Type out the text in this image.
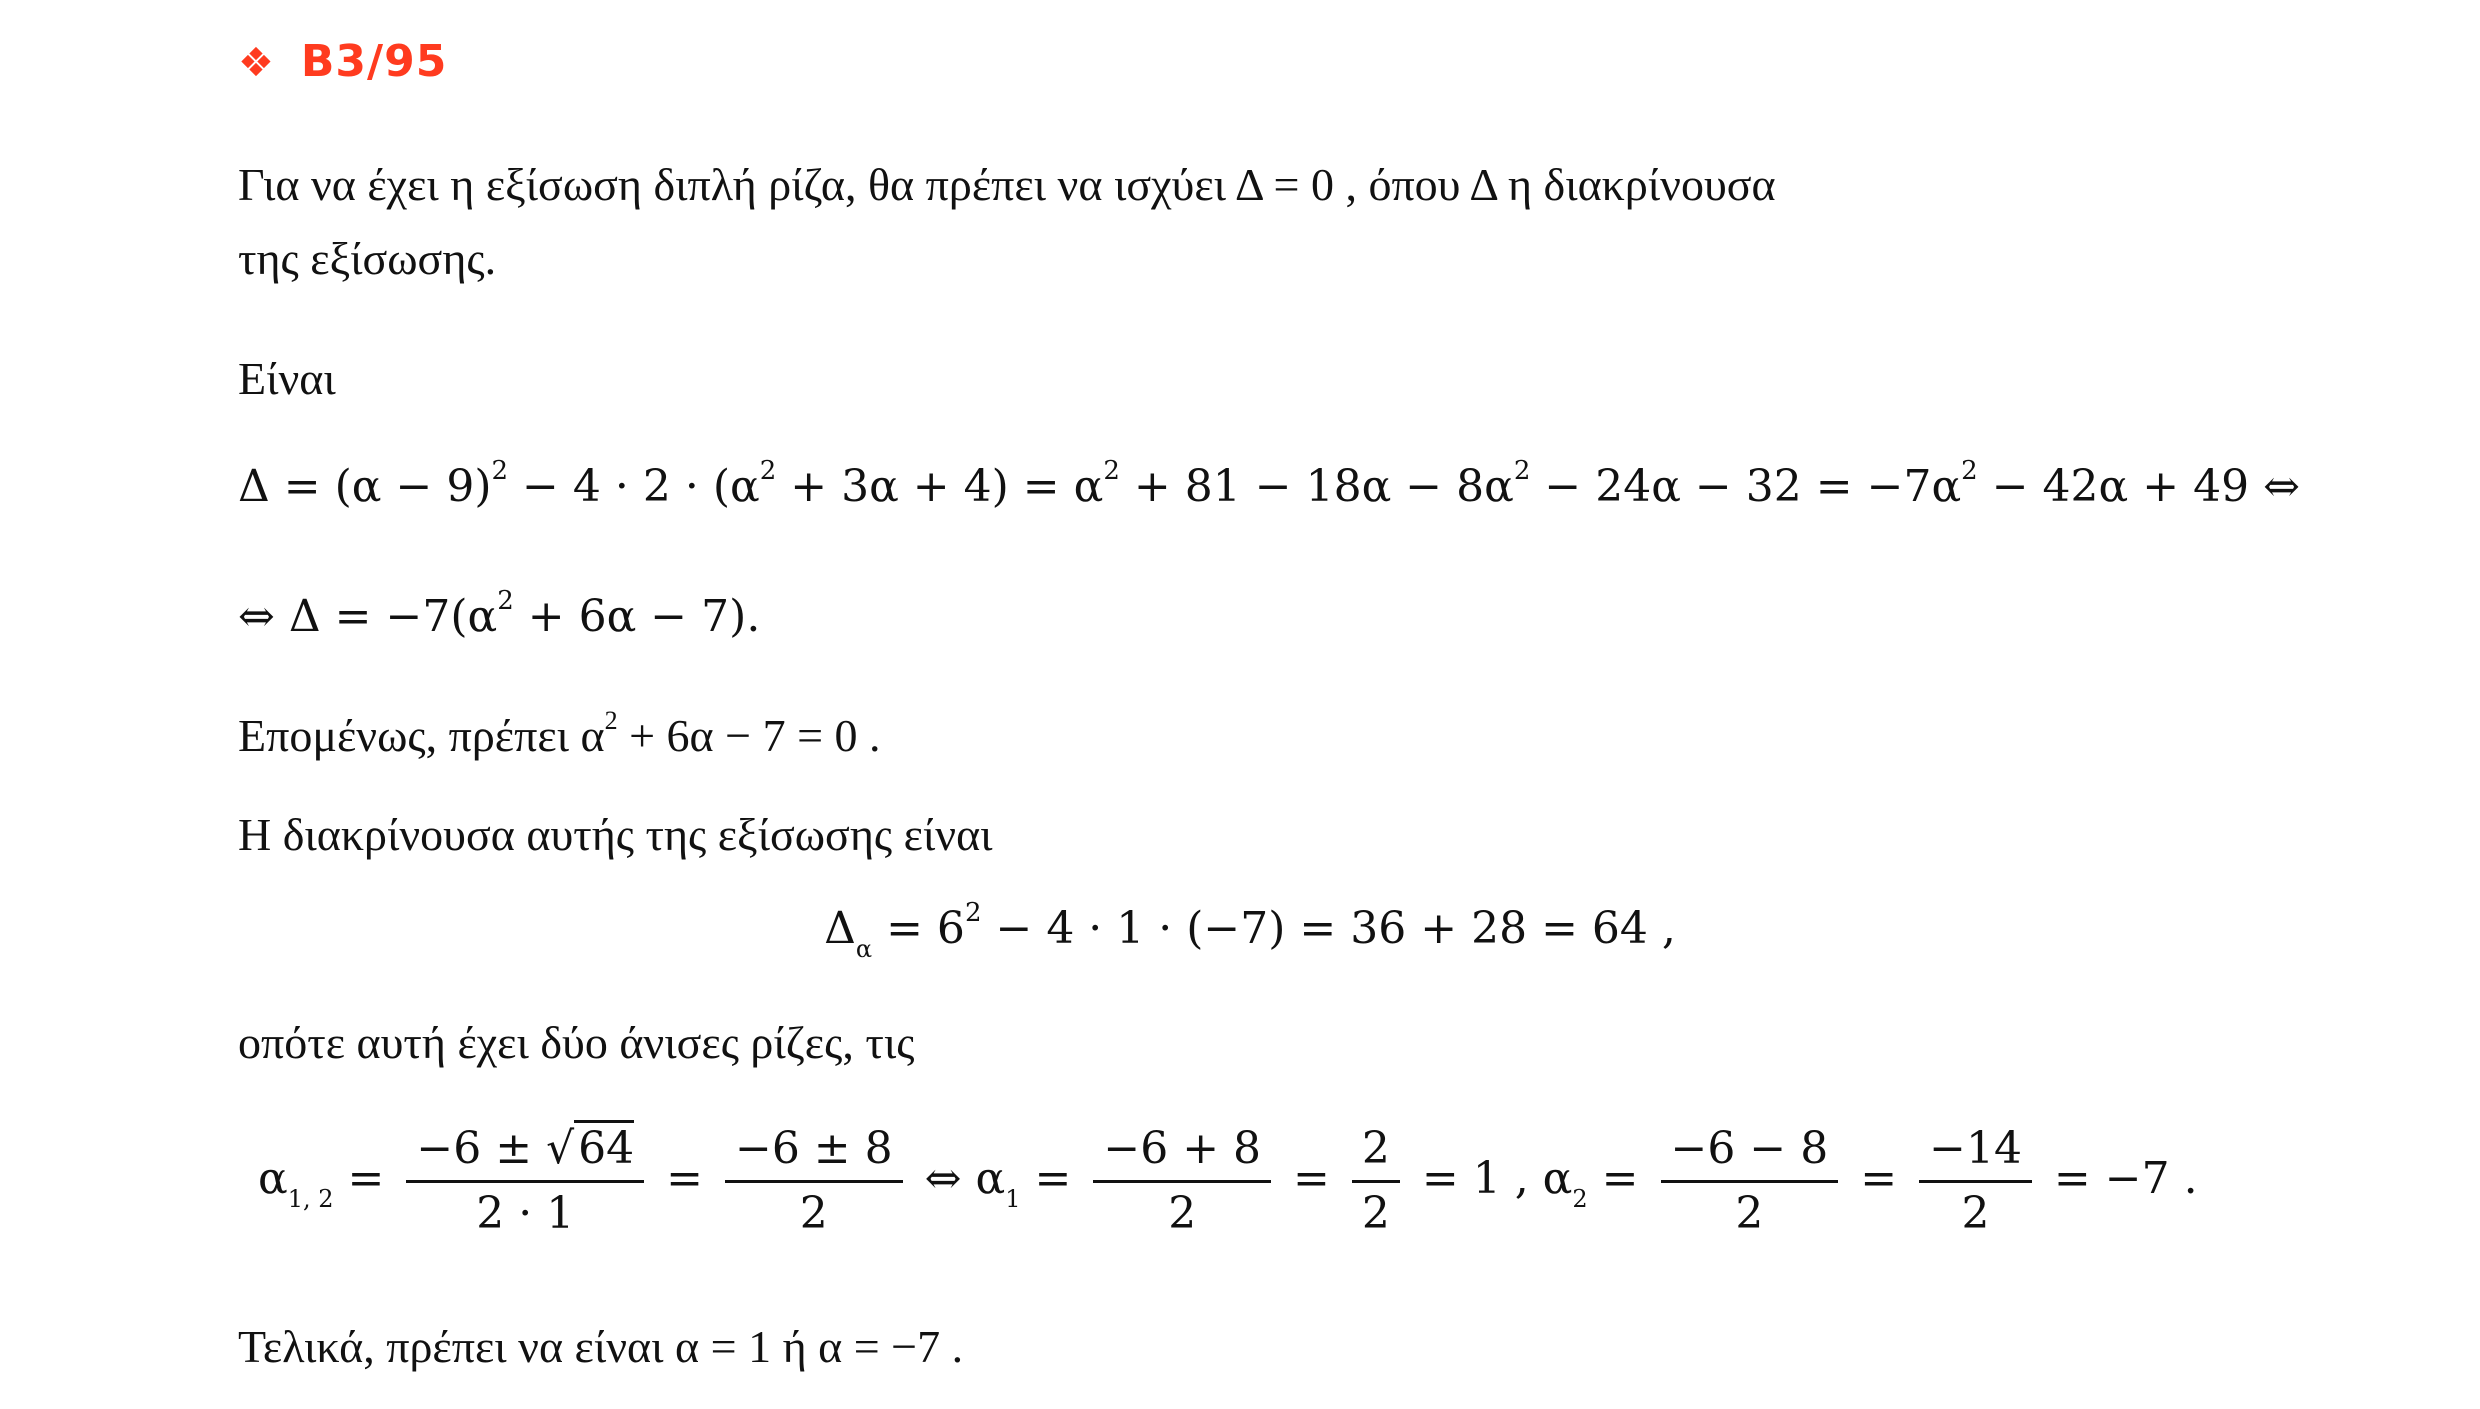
❖ B3/95
Για να έχει η εξίσωση διπλή ρίζα, θα πρέπει να ισχύει Δ = 0 , όπου Δ η διακρίνουσα
της εξίσωσης.
Είναι
$\Delta = (\alpha - 9)^2 - 4 \cdot 2 \cdot (\alpha^2 + 3\alpha + 4) = \alpha^2 + 81 - 18\alpha - 8\alpha^2 - 24\alpha - 32 = -7\alpha^2 - 42\alpha + 49$ ⇔
⇔ $\Delta = -7(\alpha^2 + 6\alpha - 7)$.
Επομένως, πρέπει $\alpha^2 + 6\alpha - 7 = 0$ .
Η διακρίνουσα αυτής της εξίσωσης είναι
$\Delta_\alpha = 6^2 - 4 \cdot 1 \cdot (-7) = 36 + 28 = 64$ ,
οπότε αυτή έχει δύο άνισες ρίζες, τις
$\alpha_{1, 2} = \frac{-6 \pm √64}{2 \cdot 1} = \frac{-6 \pm 8}{2}$ ⇔ $\alpha_1 = \frac{-6 + 8}{2} = \frac{2}{2} = 1$ , $\alpha_2 = \frac{-6 - 8}{2} = \frac{-14}{2} = -7$ .
Τελικά, πρέπει να είναι α = 1 ή α = −7 .
